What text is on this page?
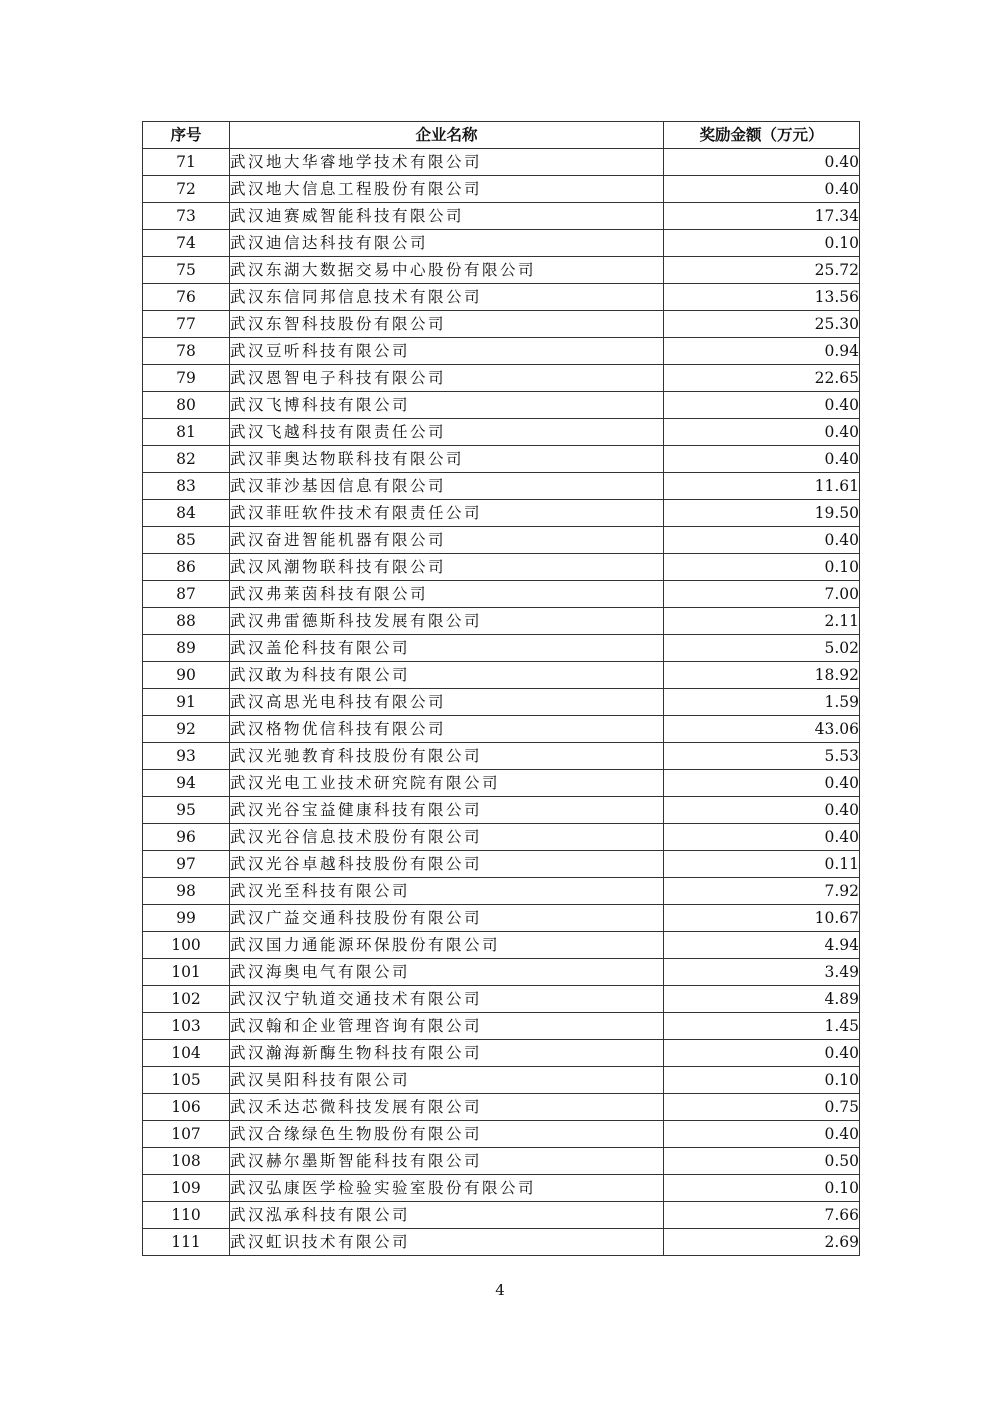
序号	企业名称	奖励金额（万元）
71	武汉地大华睿地学技术有限公司	0.40
72	武汉地大信息工程股份有限公司	0.40
73	武汉迪赛威智能科技有限公司	17.34
74	武汉迪信达科技有限公司	0.10
75	武汉东湖大数据交易中心股份有限公司	25.72
76	武汉东信同邦信息技术有限公司	13.56
77	武汉东智科技股份有限公司	25.30
78	武汉豆听科技有限公司	0.94
79	武汉恩智电子科技有限公司	22.65
80	武汉飞博科技有限公司	0.40
81	武汉飞越科技有限责任公司	0.40
82	武汉菲奥达物联科技有限公司	0.40
83	武汉菲沙基因信息有限公司	11.61
84	武汉菲旺软件技术有限责任公司	19.50
85	武汉奋进智能机器有限公司	0.40
86	武汉风潮物联科技有限公司	0.10
87	武汉弗莱茵科技有限公司	7.00
88	武汉弗雷德斯科技发展有限公司	2.11
89	武汉盖伦科技有限公司	5.02
90	武汉敢为科技有限公司	18.92
91	武汉高思光电科技有限公司	1.59
92	武汉格物优信科技有限公司	43.06
93	武汉光驰教育科技股份有限公司	5.53
94	武汉光电工业技术研究院有限公司	0.40
95	武汉光谷宝益健康科技有限公司	0.40
96	武汉光谷信息技术股份有限公司	0.40
97	武汉光谷卓越科技股份有限公司	0.11
98	武汉光至科技有限公司	7.92
99	武汉广益交通科技股份有限公司	10.67
100	武汉国力通能源环保股份有限公司	4.94
101	武汉海奥电气有限公司	3.49
102	武汉汉宁轨道交通技术有限公司	4.89
103	武汉翰和企业管理咨询有限公司	1.45
104	武汉瀚海新酶生物科技有限公司	0.40
105	武汉昊阳科技有限公司	0.10
106	武汉禾达芯微科技发展有限公司	0.75
107	武汉合缘绿色生物股份有限公司	0.40
108	武汉赫尔墨斯智能科技有限公司	0.50
109	武汉弘康医学检验实验室股份有限公司	0.10
110	武汉泓承科技有限公司	7.66
111	武汉虹识技术有限公司	2.69
4
